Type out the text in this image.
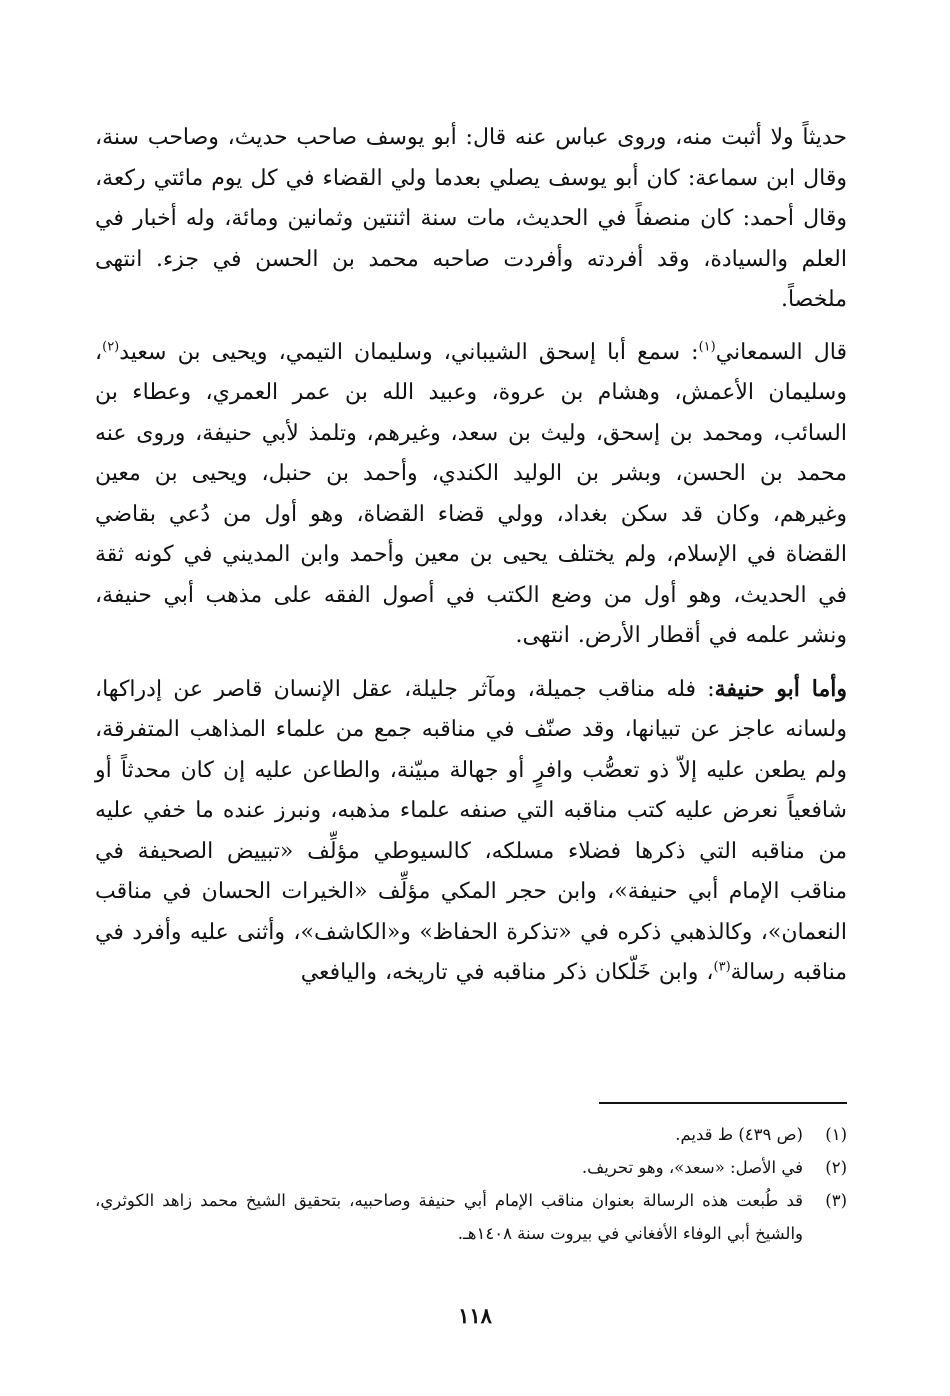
حديثاً ولا أثبت منه، وروى عباس عنه قال: أبو يوسف صاحب حديث، وصاحب سنة، وقال ابن سماعة: كان أبو يوسف يصلي بعدما ولي القضاء في كل يوم مائتي ركعة، وقال أحمد: كان منصفاً في الحديث، مات سنة اثنتين وثمانين ومائة، وله أخبار في العلم والسيادة، وقد أفردته وأفردت صاحبه محمد بن الحسن في جزء. انتهى ملخصاً.

قال السمعاني$^{(١)}$: سمع أبا إسحق الشيباني، وسليمان التيمي، ويحيى بن سعيد$^{(٢)}$، وسليمان الأعمش، وهشام بن عروة، وعبيد الله بن عمر العمري، وعطاء بن السائب، ومحمد بن إسحق، وليث بن سعد، وغيرهم، وتلمذ لأبي حنيفة، وروى عنه محمد بن الحسن، وبشر بن الوليد الكندي، وأحمد بن حنبل، ويحيى بن معين وغيرهم، وكان قد سكن بغداد، وولي قضاء القضاة، وهو أول من دُعي بقاضي القضاة في الإسلام، ولم يختلف يحيى بن معين وأحمد وابن المديني في كونه ثقة في الحديث، وهو أول من وضع الكتب في أصول الفقه على مذهب أبي حنيفة، ونشر علمه في أقطار الأرض. انتهى.

وأما أبو حنيفة: فله مناقب جميلة، ومآثر جليلة، عقل الإنسان قاصر عن إدراكها، ولسانه عاجز عن تبيانها، وقد صنّف في مناقبه جمع من علماء المذاهب المتفرقة، ولم يطعن عليه إلاّ ذو تعصُّب وافرٍ أو جهالة مبيّنة، والطاعن عليه إن كان محدثاً أو شافعياً نعرض عليه كتب مناقبه التي صنفه علماء مذهبه، ونبرز عنده ما خفي عليه من مناقبه التي ذكرها فضلاء مسلكه، كالسيوطي مؤلِّف «تبييض الصحيفة في مناقب الإمام أبي حنيفة»، وابن حجر المكي مؤلِّف «الخيرات الحسان في مناقب النعمان»، وكالذهبي ذكره في «تذكرة الحفاظ» و«الكاشف»، وأثنى عليه وأفرد في مناقبه رسالة$^{(٣)}$، وابن خَلّكان ذكر مناقبه في تاريخه، واليافعي

(١)
(ص ٤٣٩) ط قديم.
(٢)
في الأصل: «سعد»، وهو تحريف.
(٣)
قد طُبعت هذه الرسالة بعنوان مناقب الإمام أبي حنيفة وصاحبيه، بتحقيق الشيخ محمد زاهد الكوثري، والشيخ أبي الوفاء الأفغاني في بيروت سنة ١٤٠٨هـ.
١١٨
